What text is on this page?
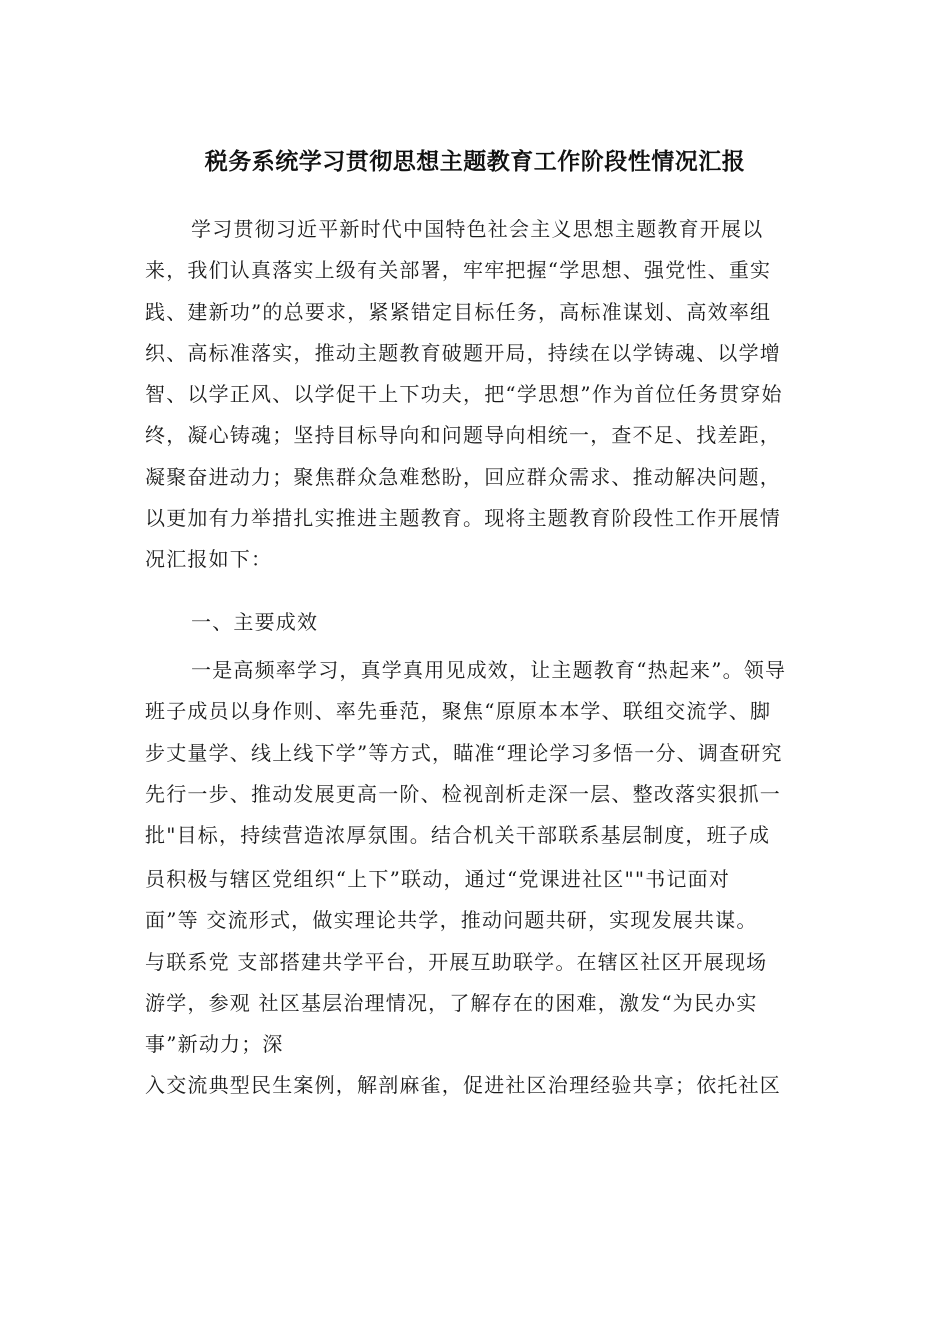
税务系统学习贯彻思想主题教育工作阶段性情况汇报
学习贯彻习近平新时代中国特色社会主义思想主题教育开展以
来，我们认真落实上级有关部署，牢牢把握“学思想、强党性、重实
践、建新功”的总要求，紧紧错定目标任务，高标准谋划、高效率组
织、高标准落实，推动主题教育破题开局，持续在以学铸魂、以学增
智、以学正风、以学促干上下功夫，把“学思想”作为首位任务贯穿始
终，凝心铸魂；坚持目标导向和问题导向相统一，查不足、找差距，
凝聚奋进动力；聚焦群众急难愁盼，回应群众需求、推动解决问题，
以更加有力举措扎实推进主题教育。现将主题教育阶段性工作开展情
况汇报如下：
一、主要成效
一是高频率学习，真学真用见成效，让主题教育“热起来”。领导
班子成员以身作则、率先垂范，聚焦“原原本本学、联组交流学、脚
步丈量学、线上线下学”等方式，瞄准“理论学习多悟一分、调查研究
先行一步、推动发展更高一阶、检视剖析走深一层、整改落实狠抓一
批"目标，持续营造浓厚氛围。结合机关干部联系基层制度，班子成
员积极与辖区党组织“上下”联动，通过“党课进社区""书记面对
面”等 交流形式，做实理论共学，推动问题共研，实现发展共谋。
与联系党 支部搭建共学平台，开展互助联学。在辖区社区开展现场
游学，参观 社区基层治理情况，了解存在的困难，激发“为民办实
事”新动力；深
入交流典型民生案例，解剖麻雀，促进社区治理经验共享；依托社区
